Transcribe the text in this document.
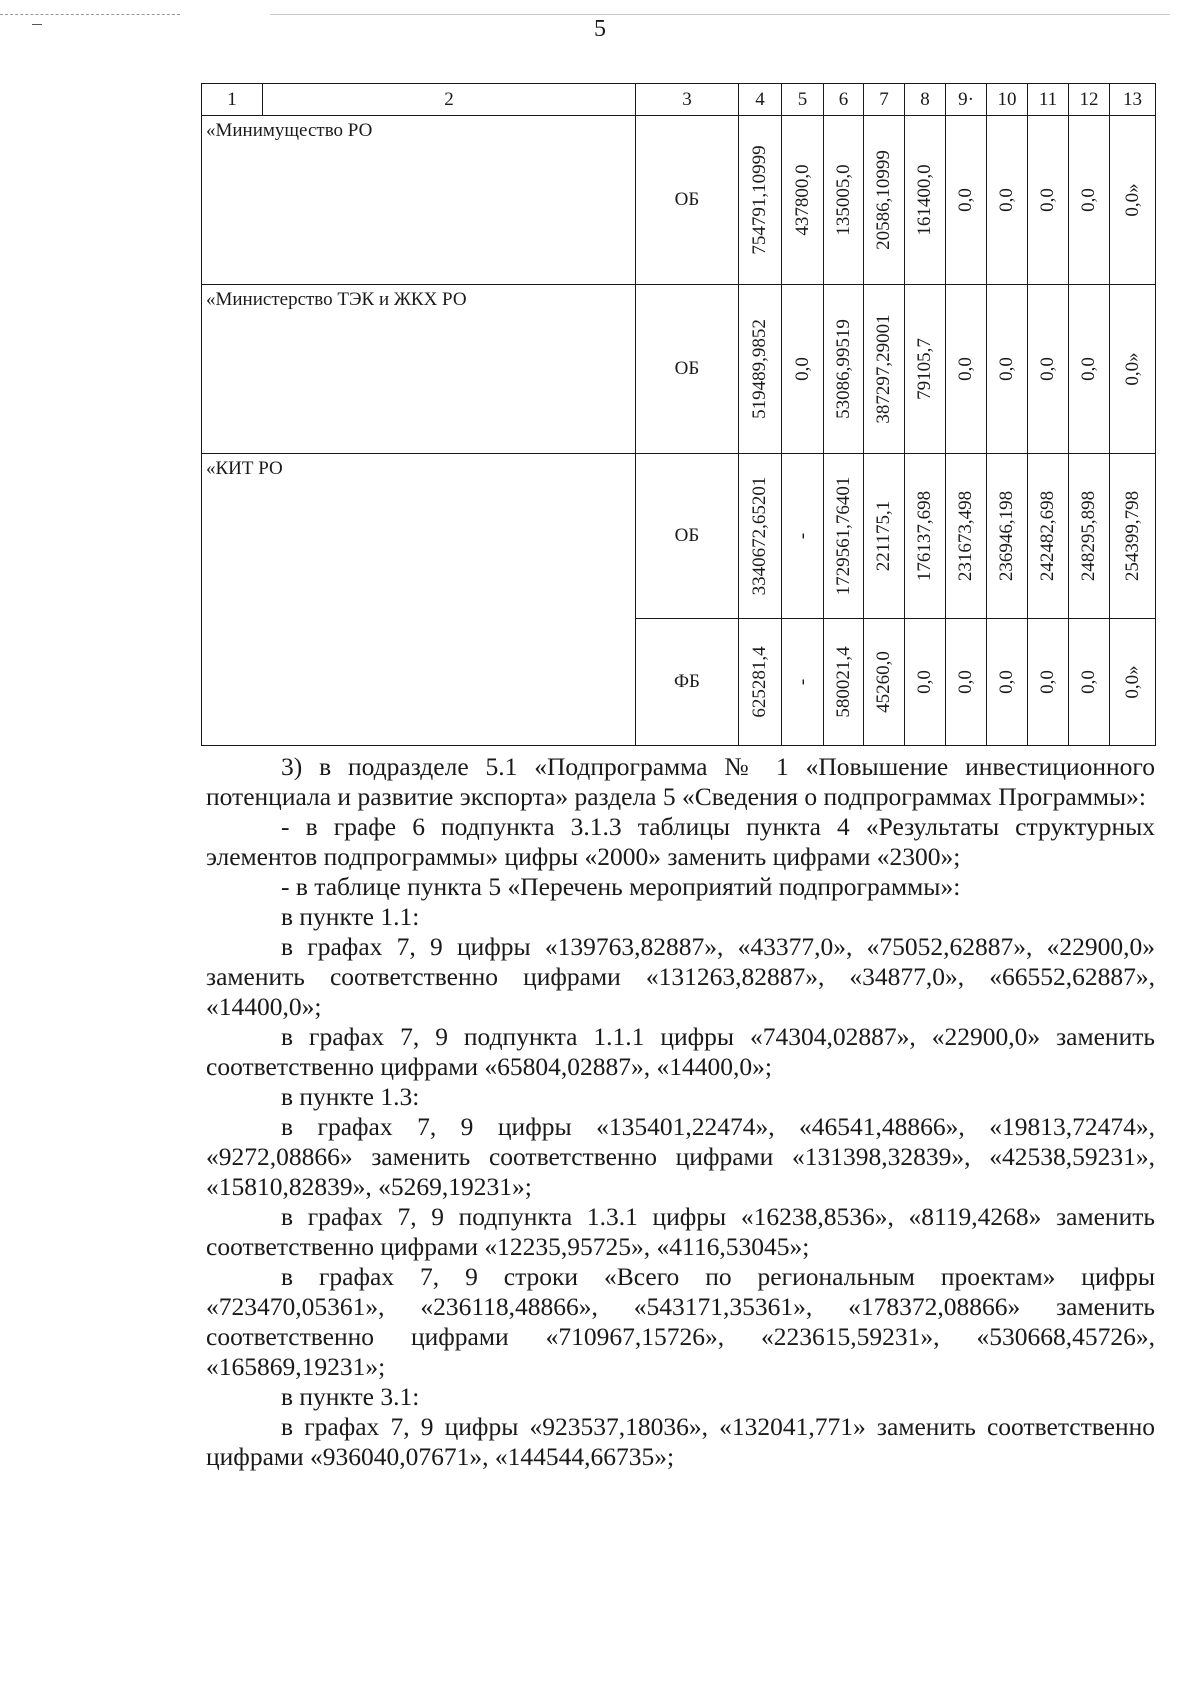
5
1	2	3	4	5	6	7	8	9·	10	11	12	13
«Минимущество РО		ОБ	754791,10999	437800,0	135005,0	20586,10999	161400,0	0,0	0,0	0,0	0,0	0,0»

«Министерство ТЭК и ЖКХ РО		ОБ	519489,9852	0,0	53086,99519	387297,29001	79105,7	0,0	0,0	0,0	0,0	0,0»

«КИТ РО		ОБ	3340672,65201	-	1729561,76401	221175,1	176137,698	231673,498	236946,198	242482,698	248295,898	254399,798

		ФБ	625281,4	-	580021,4	45260,0	0,0	0,0	0,0	0,0	0,0	0,0»

3) в подразделе 5.1 «Подпрограмма № 1 «Повышение инвестиционного потенциала и развитие экспорта» раздела 5 «Сведения о подпрограммах Программы»:

- в графе 6 подпункта 3.1.3 таблицы пункта 4 «Результаты структурных элементов подпрограммы» цифры «2000» заменить цифрами «2300»;

- в таблице пункта 5 «Перечень мероприятий подпрограммы»:

в пункте 1.1:

в графах 7, 9 цифры «139763,82887», «43377,0», «75052,62887», «22900,0» заменить соответственно цифрами «131263,82887», «34877,0», «66552,62887», «14400,0»;

в графах 7, 9 подпункта 1.1.1 цифры «74304,02887», «22900,0» заменить соответственно цифрами «65804,02887», «14400,0»;

в пункте 1.3:

в графах 7, 9 цифры «135401,22474», «46541,48866», «19813,72474», «9272,08866» заменить соответственно цифрами «131398,32839», «42538,59231», «15810,82839», «5269,19231»;

в графах 7, 9 подпункта 1.3.1 цифры «16238,8536», «8119,4268» заменить соответственно цифрами «12235,95725», «4116,53045»;

в графах 7, 9 строки «Всего по региональным проектам» цифры «723470,05361», «236118,48866», «543171,35361», «178372,08866» заменить соответственно цифрами «710967,15726», «223615,59231», «530668,45726», «165869,19231»;

в пункте 3.1:

в графах 7, 9 цифры «923537,18036», «132041,771» заменить соответственно цифрами «936040,07671», «144544,66735»;
